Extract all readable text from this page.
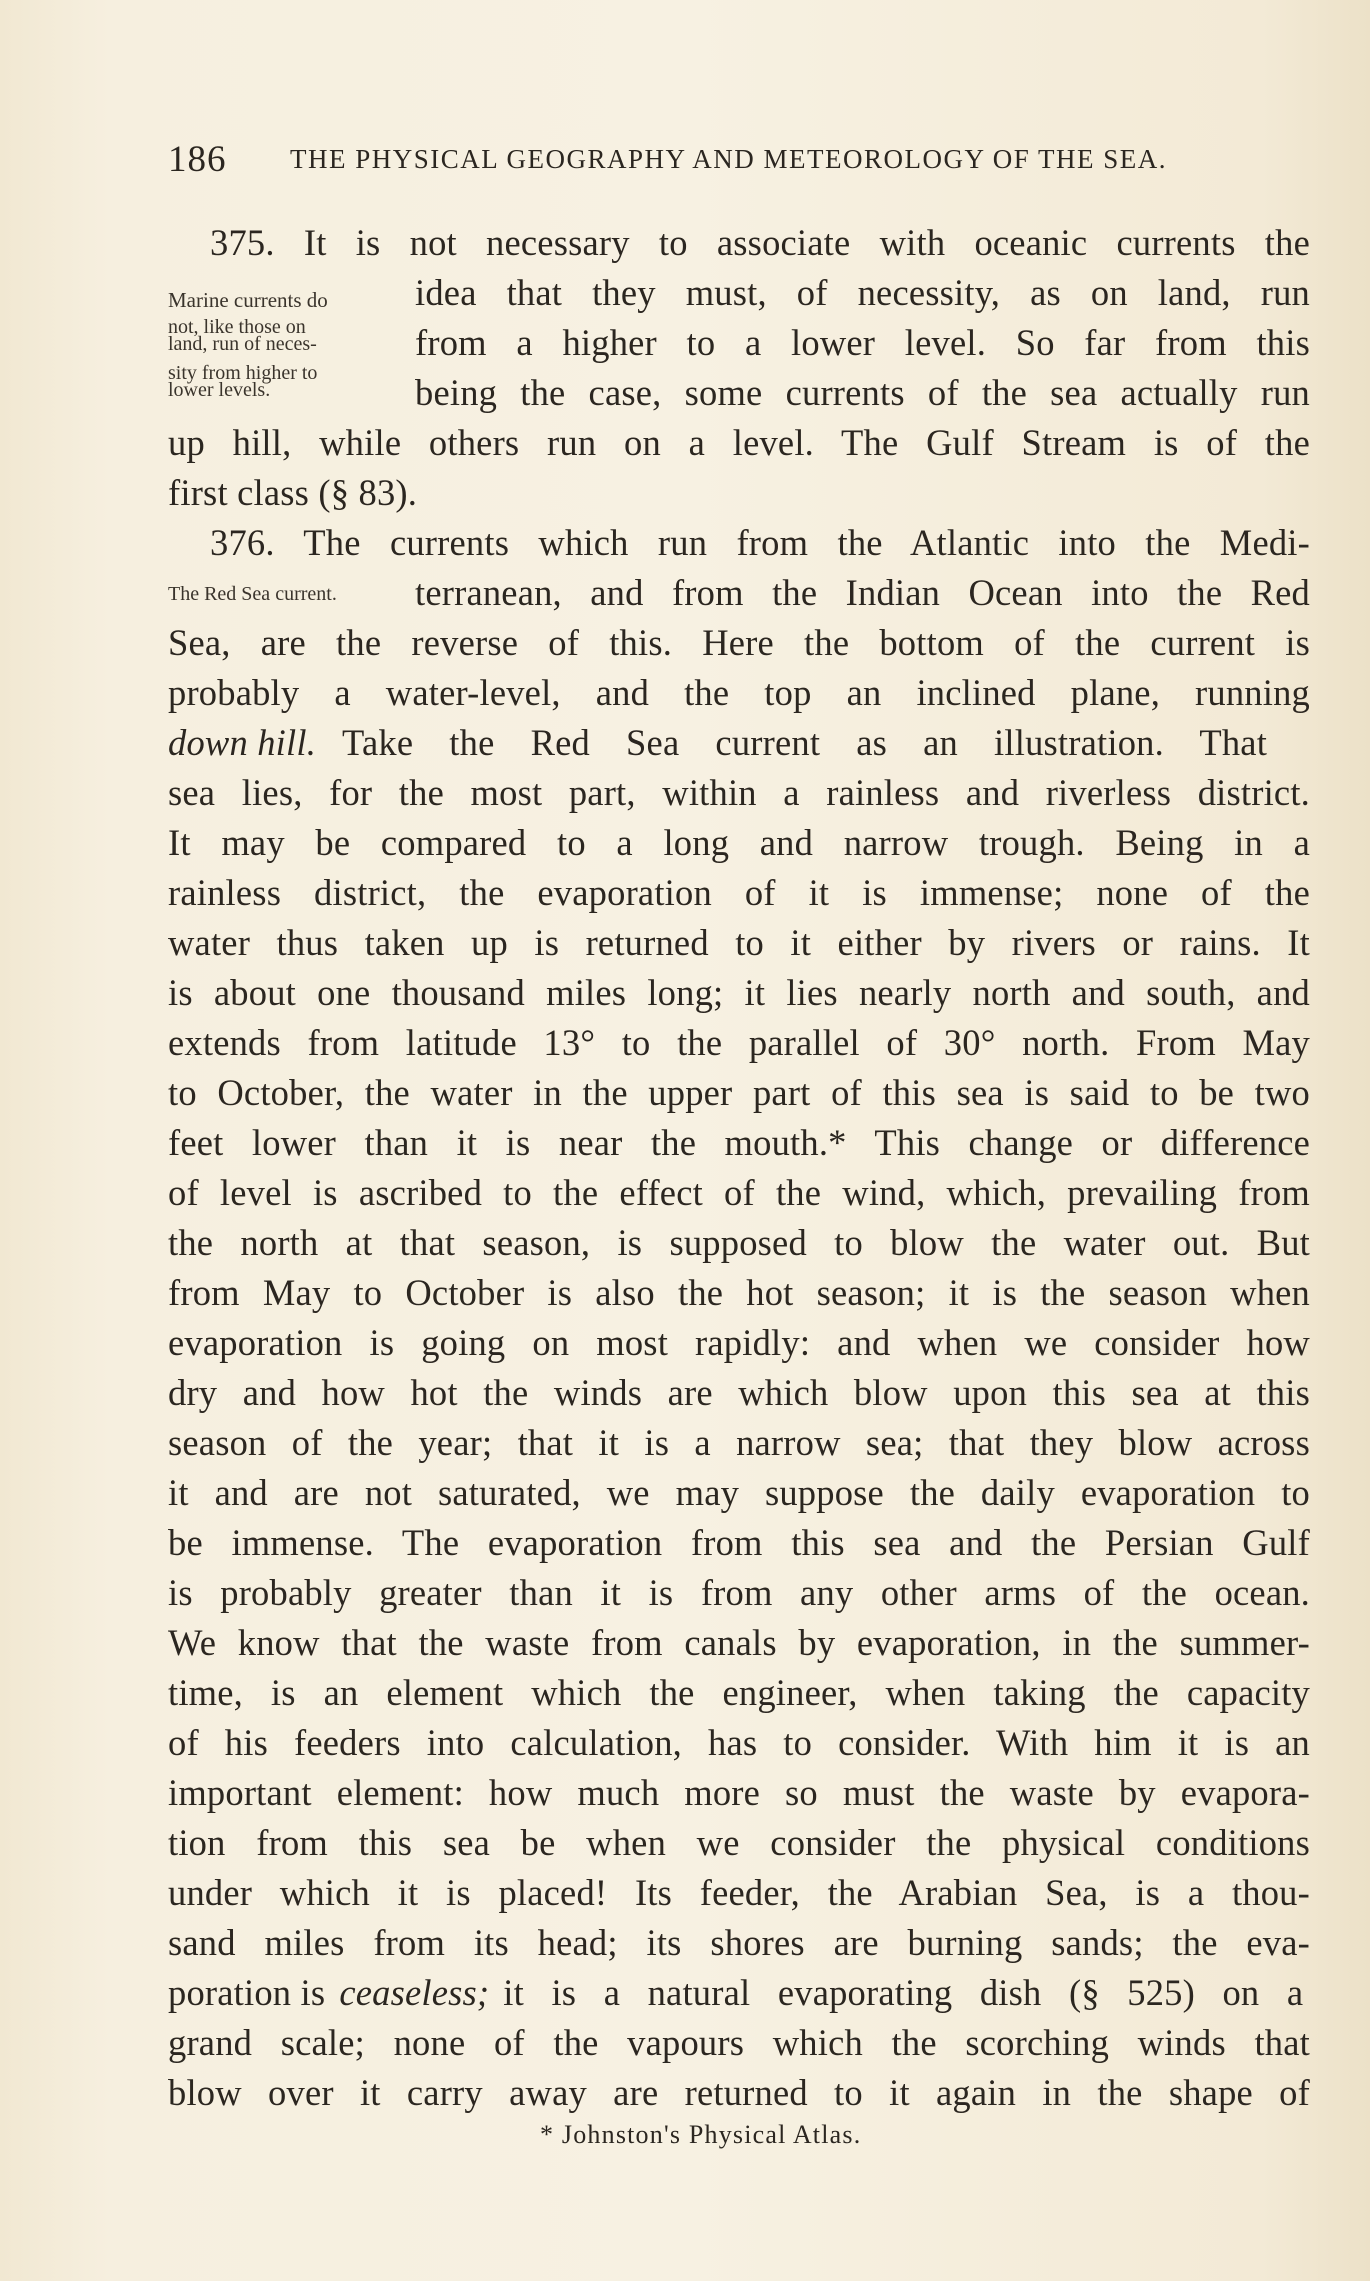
186 THE PHYSICAL GEOGRAPHY AND METEOROLOGY OF THE SEA.
Marine currents do
not, like those on
land, run of neces-
sity from higher to
lower levels.
The Red Sea current.
375. It is not necessary to associate with oceanic currents the
idea that they must, of necessity, as on land, run
from a higher to a lower level. So far from this
being the case, some currents of the sea actually run
up hill, while others run on a level. The Gulf Stream is of the
first class (§ 83).
376. The currents which run from the Atlantic into the Medi-
terranean, and from the Indian Ocean into the Red
Sea, are the reverse of this. Here the bottom of the current is
probably a water-level, and the top an inclined plane, running
down hill. Take the Red Sea current as an illustration. That
sea lies, for the most part, within a rainless and riverless district.
It may be compared to a long and narrow trough. Being in a
rainless district, the evaporation of it is immense; none of the
water thus taken up is returned to it either by rivers or rains. It
is about one thousand miles long; it lies nearly north and south, and
extends from latitude 13° to the parallel of 30° north. From May
to October, the water in the upper part of this sea is said to be two
feet lower than it is near the mouth.* This change or difference
of level is ascribed to the effect of the wind, which, prevailing from
the north at that season, is supposed to blow the water out. But
from May to October is also the hot season; it is the season when
evaporation is going on most rapidly: and when we consider how
dry and how hot the winds are which blow upon this sea at this
season of the year; that it is a narrow sea; that they blow across
it and are not saturated, we may suppose the daily evaporation to
be immense. The evaporation from this sea and the Persian Gulf
is probably greater than it is from any other arms of the ocean.
We know that the waste from canals by evaporation, in the summer-
time, is an element which the engineer, when taking the capacity
of his feeders into calculation, has to consider. With him it is an
important element: how much more so must the waste by evapora-
tion from this sea be when we consider the physical conditions
under which it is placed! Its feeder, the Arabian Sea, is a thou-
sand miles from its head; its shores are burning sands; the eva-
poration is ceaseless; it is a natural evaporating dish (§ 525) on a
grand scale; none of the vapours which the scorching winds that
blow over it carry away are returned to it again in the shape of
* Johnston's Physical Atlas.
